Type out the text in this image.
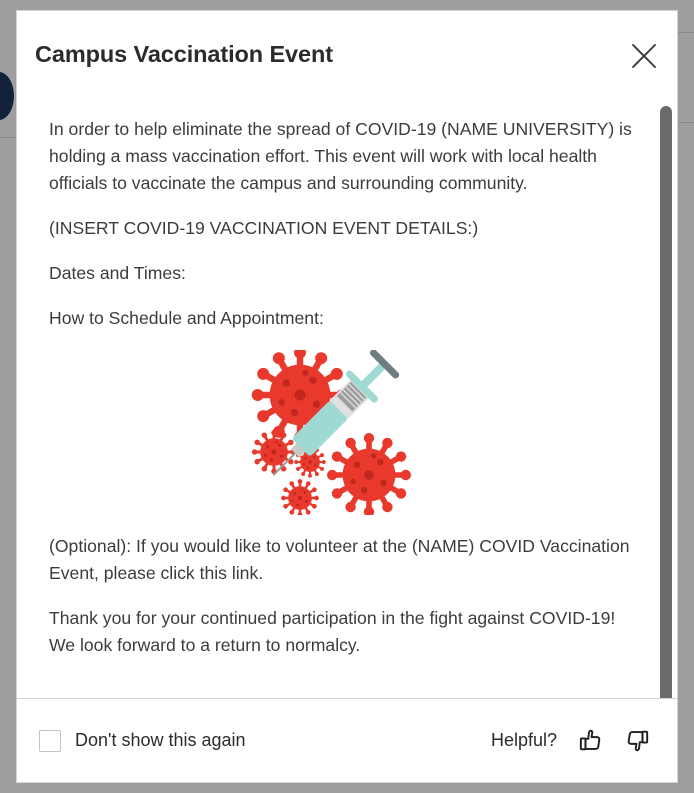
Campus Vaccination Event

In order to help eliminate the spread of COVID-19 (NAME UNIVERSITY) is holding a mass vaccination effort. This event will work with local health officials to vaccinate the campus and surrounding community.

(INSERT COVID-19 VACCINATION EVENT DETAILS:)

Dates and Times:

How to Schedule and Appointment:

(Optional): If you would like to volunteer at the (NAME) COVID Vaccination Event, please click this link.

Thank you for your continued participation in the fight against COVID-19! We look forward to a return to normalcy.

Don't show this again	Helpful?
